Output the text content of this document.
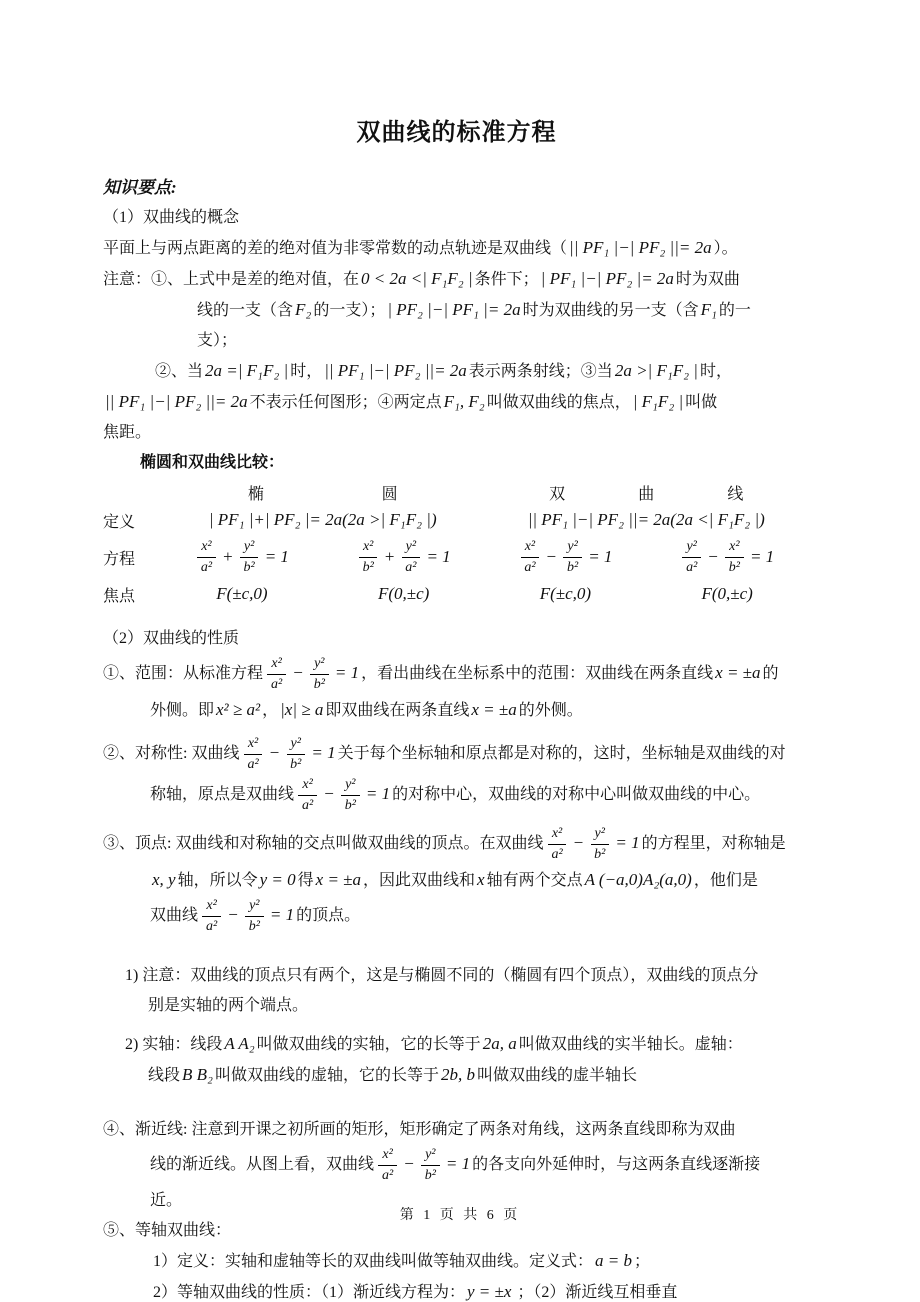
双曲线的标准方程
知识要点:
（1）双曲线的概念
平面上与两点距离的差的绝对值为非零常数的动点轨迹是双曲线（ || PF₁ |−| PF₂ ||= 2a ）。
注意：①、上式中是差的绝对值，在 0 < 2a <| F₁F₂ | 条件下； | PF₁ |−| PF₂ |= 2a 时为双曲
线的一支（含 F₂ 的一支）； | PF₂ |−| PF₁ |= 2a 时为双曲线的另一支（含 F₁ 的一
支）；
②、当 2a =| F₁F₂ | 时， || PF₁ |−| PF₂ ||= 2a 表示两条射线；③当 2a >| F₁F₂ | 时，
|| PF₁ |−| PF₂ ||= 2a 不表示任何图形；④两定点 F₁, F₂ 叫做双曲线的焦点， | F₁F₂ | 叫做
焦距。
椭圆和双曲线比较：
椭	圆	双	曲	线
定义	| PF₁ |+| PF₂ |= 2a(2a >| F₁F₂ |)	|| PF₁ |−| PF₂ ||= 2a(2a <| F₁F₂ |)
方程	$\frac{\text{x²}}{\text{a²}} + \frac{\text{y²}}{\text{b²}} = 1$	$\frac{\text{x²}}{\text{b²}} + \frac{\text{y²}}{\text{a²}} = 1$	$\frac{\text{x²}}{\text{a²}} - \frac{\text{y²}}{\text{b²}} = 1$	$\frac{\text{y²}}{\text{a²}} - \frac{\text{x²}}{\text{b²}} = 1$
焦点	F(±c,0)	F(0,±c)	F(±c,0)	F(0,±c)
（2）双曲线的性质
①、范围：从标准方程 $\frac{\text{x²}}{\text{a²}} - \frac{\text{y²}}{\text{b²}} = 1$ ，看出曲线在坐标系中的范围：双曲线在两条直线 x = ±a 的
外侧。即 x² ≥ a² ， |x| ≥ a 即双曲线在两条直线 x = ±a 的外侧。
②、对称性: 双曲线 $\frac{\text{x²}}{\text{a²}} - \frac{\text{y²}}{\text{b²}} = 1$ 关于每个坐标轴和原点都是对称的，这时，坐标轴是双曲线的对
称轴，原点是双曲线 $\frac{\text{x²}}{\text{a²}} - \frac{\text{y²}}{\text{b²}} = 1$ 的对称中心，双曲线的对称中心叫做双曲线的中心。
③、顶点: 双曲线和对称轴的交点叫做双曲线的顶点。在双曲线 $\frac{\text{x²}}{\text{a²}} - \frac{\text{y²}}{\text{b²}} = 1$ 的方程里，对称轴是
x, y 轴，所以令 y = 0 得 x = ±a ，因此双曲线和 x 轴有两个交点 A (−a,0)A₂(a,0) ，他们是
双曲线 $\frac{\text{x²}}{\text{a²}} - \frac{\text{y²}}{\text{b²}} = 1$ 的顶点。
1) 注意：双曲线的顶点只有两个，这是与椭圆不同的（椭圆有四个顶点），双曲线的顶点分
别是实轴的两个端点。
2) 实轴：线段 A A₂ 叫做双曲线的实轴，它的长等于 2a, a 叫做双曲线的实半轴长。虚轴：
线段 B B₂ 叫做双曲线的虚轴，它的长等于 2b, b 叫做双曲线的虚半轴长
④、渐近线: 注意到开课之初所画的矩形，矩形确定了两条对角线，这两条直线即称为双曲
线的渐近线。从图上看，双曲线 $\frac{\text{x²}}{\text{a²}} - \frac{\text{y²}}{\text{b²}} = 1$ 的各支向外延伸时，与这两条直线逐渐接
近。
⑤、等轴双曲线：
1）定义：实轴和虚轴等长的双曲线叫做等轴双曲线。定义式： a = b ；
2）等轴双曲线的性质：（1）渐近线方程为： y = ±x ；（2）渐近线互相垂直
第 1 页 共 6 页
